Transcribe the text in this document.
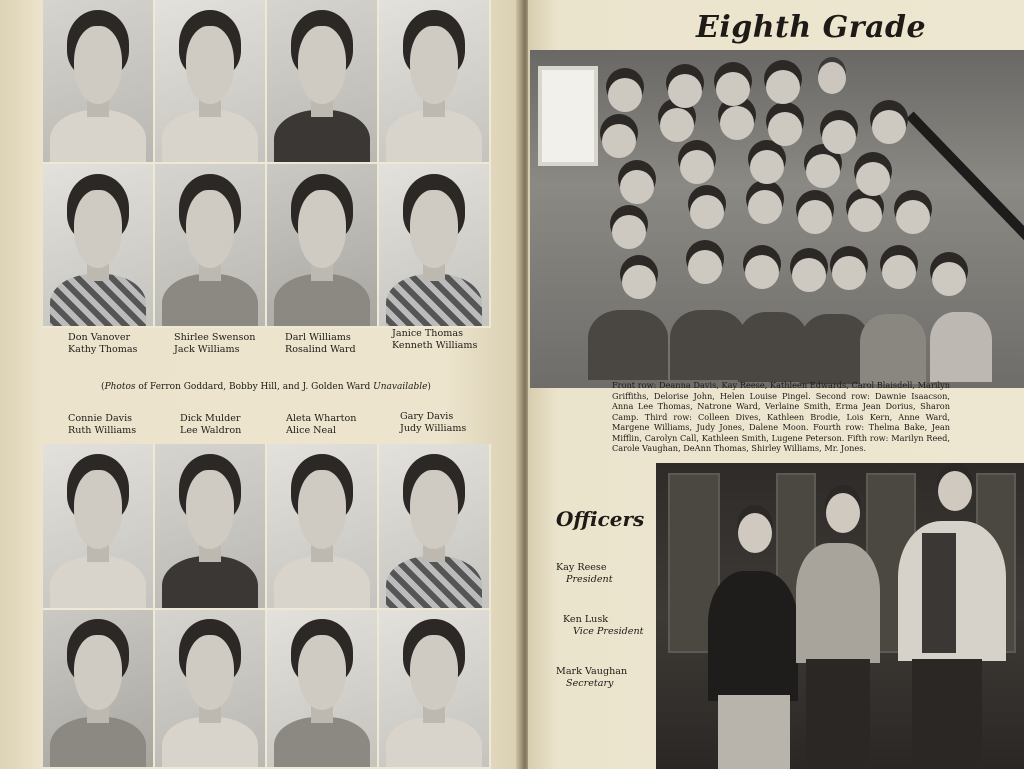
Don Vanover
Kathy Thomas
Shirlee Swenson
Jack Williams
Darl Williams
Rosalind Ward
Janice Thomas
Kenneth Williams
(Photos of Ferron Goddard, Bobby Hill, and J. Golden Ward Unavailable)
Connie Davis
Ruth Williams
Dick Mulder
Lee Waldron
Aleta Wharton
Alice Neal
Gary Davis
Judy Williams
Eighth Grade
Front row: Deanna Davis, Kay Reese, Kathleen Edwards, Carol Blaisdell, Marilyn Griffiths, Delorise John, Helen Louise Pingel. Second row: Dawnie Isaacson, Anna Lee Thomas, Natrone Ward, Verlaine Smith, Erma Jean Dorius, Sharon Camp. Third row: Colleen Dives, Kathleen Brodie, Lois Kern, Anne Ward, Margene Williams, Judy Jones, Dalene Moon. Fourth row: Thelma Bake, Jean Mifflin, Carolyn Call, Kathleen Smith, Lugene Peterson. Fifth row: Marilyn Reed, Carole Vaughan, DeAnn Thomas, Shirley Williams, Mr. Jones.
Officers
Kay Reese
President
Ken Lusk
Vice President
Mark Vaughan
Secretary
